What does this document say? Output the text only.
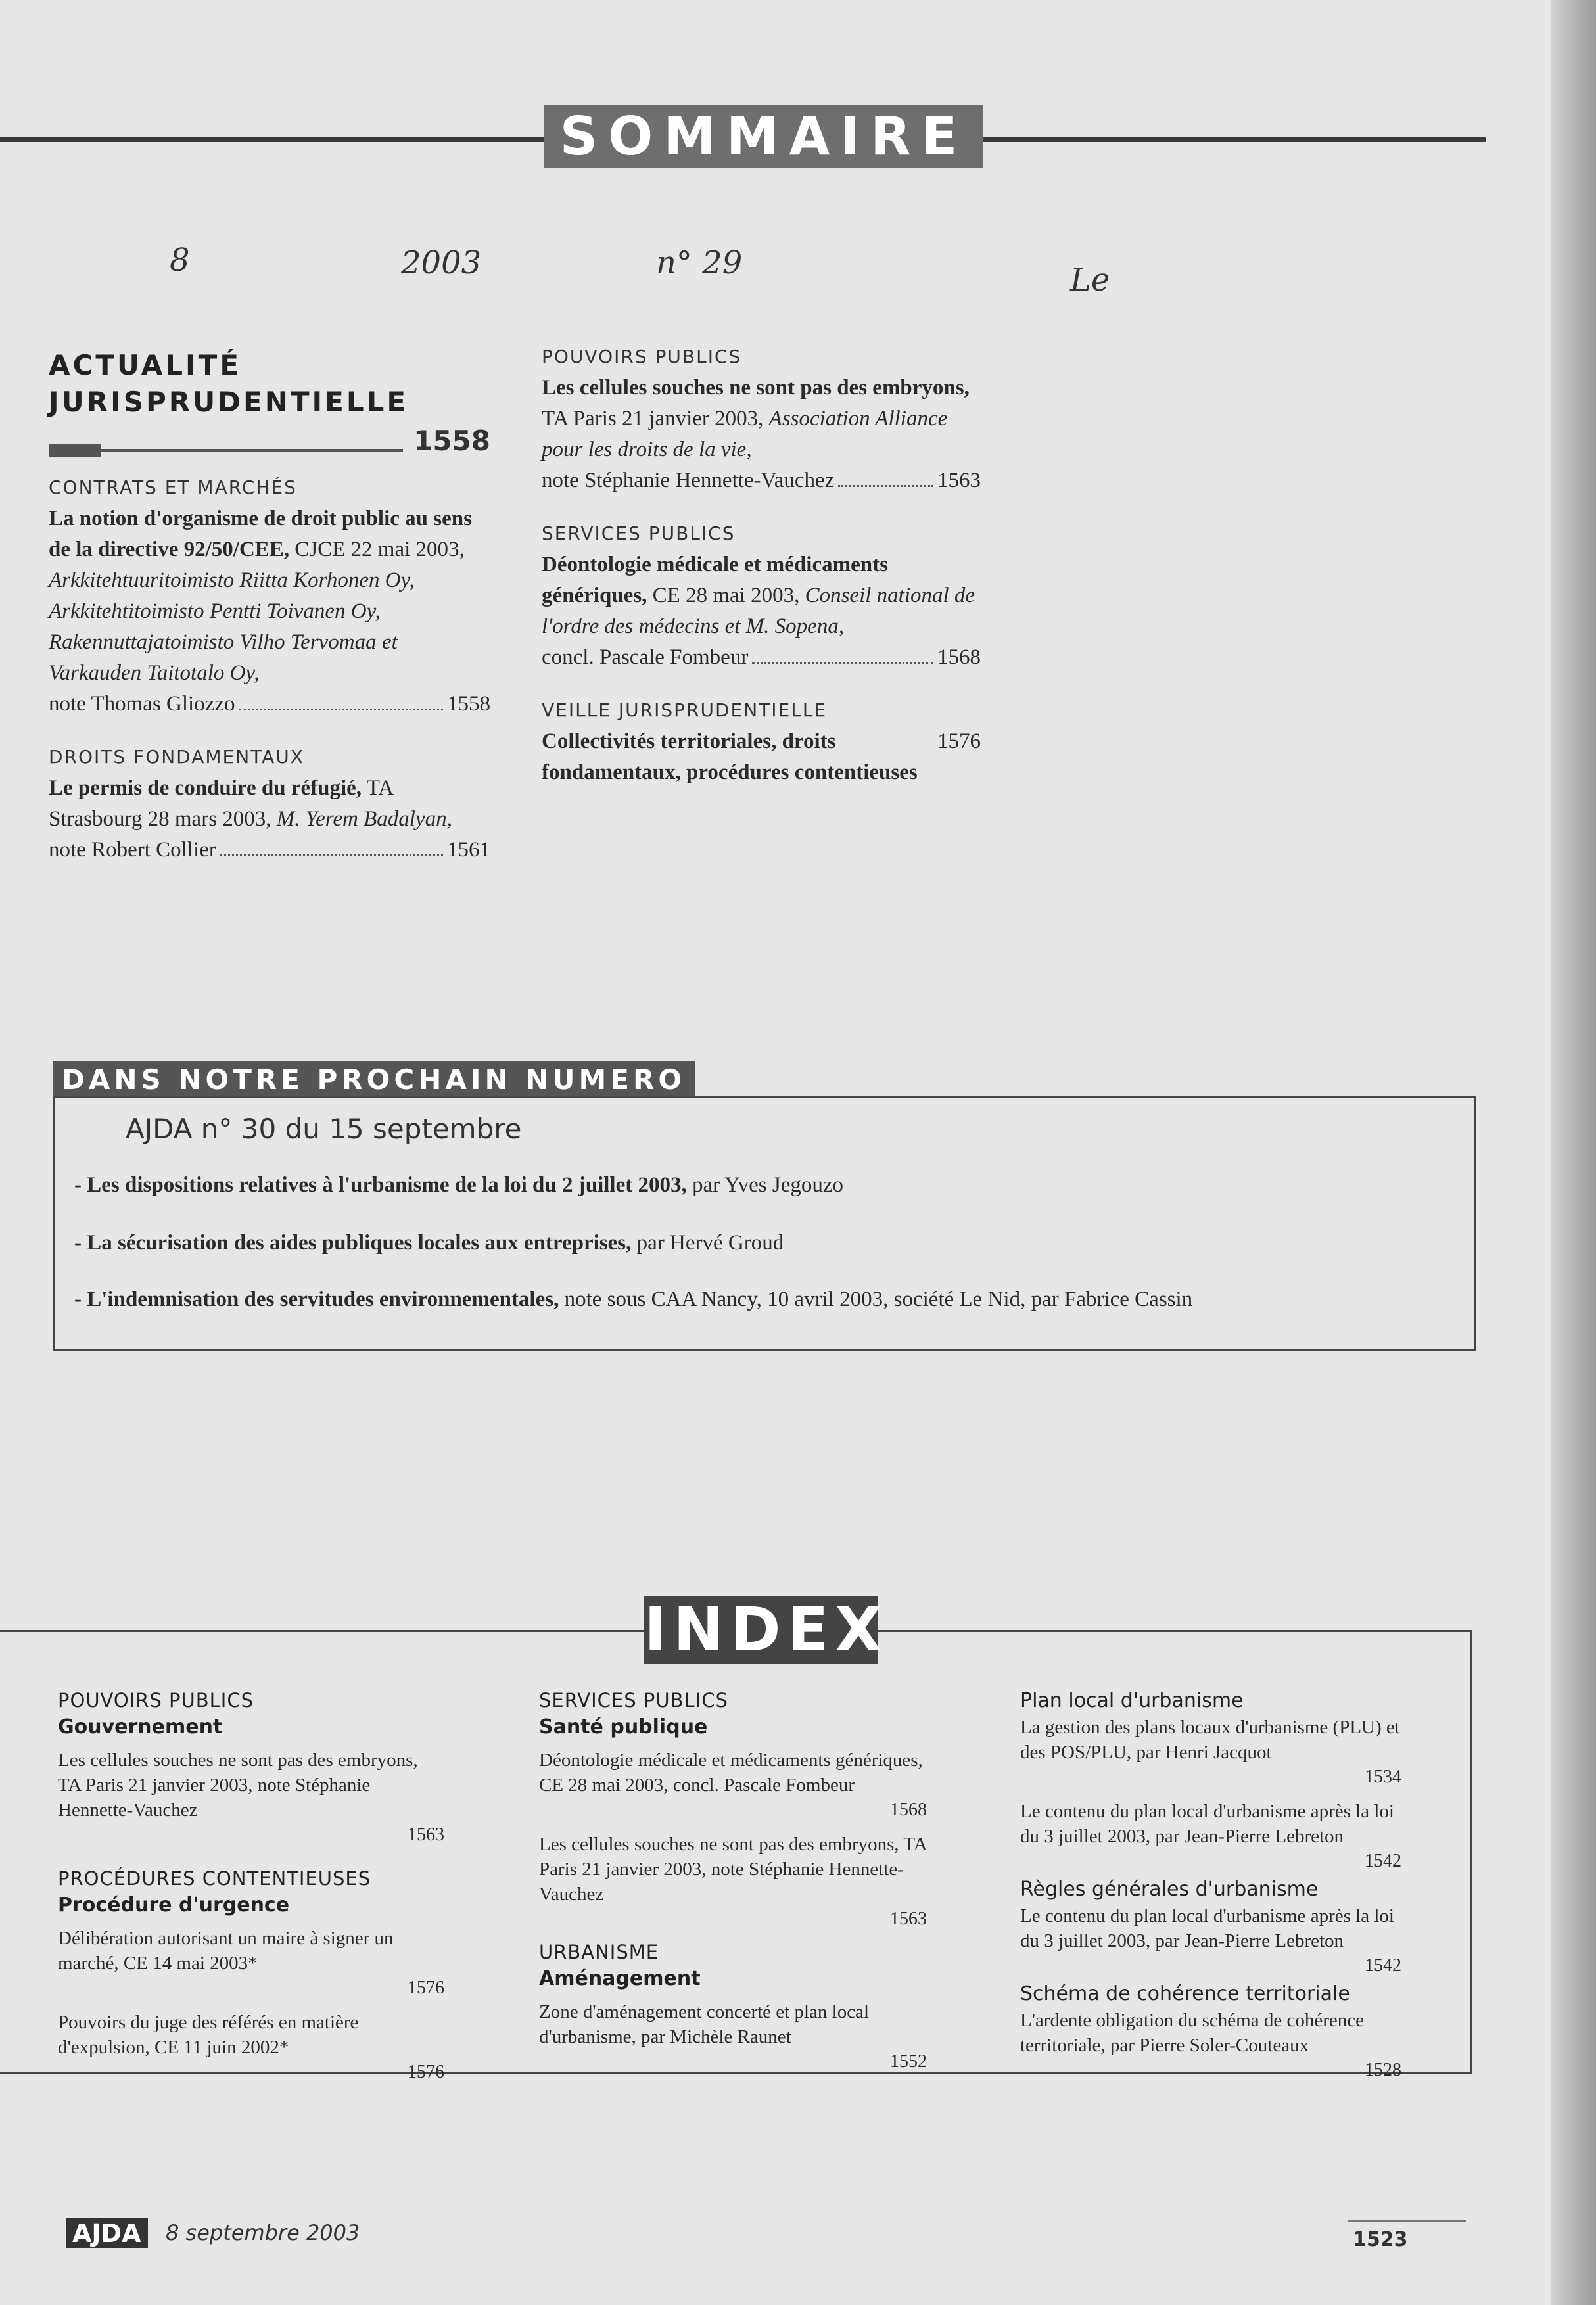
SOMMAIRE
8	2003	n° 29	Le
ACTUALITÉ
JURISPRUDENTIELLE
1558
CONTRATS ET MARCHÉS
La notion d'organisme de droit public au sens de la directive 92/50/CEE, CJCE 22 mai 2003, Arkkitehtuuritoimisto Riitta Korhonen Oy, Arkkitehtitoimisto Pentti Toivanen Oy, Rakennuttajatoimisto Vilho Tervomaa et Varkauden Taitotalo Oy,
note Thomas Gliozzo	1558
DROITS FONDAMENTAUX
Le permis de conduire du réfugié, TA Strasbourg 28 mars 2003, M. Yerem Badalyan,
note Robert Collier	1561
POUVOIRS PUBLICS
Les cellules souches ne sont pas des embryons, TA Paris 21 janvier 2003, Association Alliance pour les droits de la vie,
note Stéphanie Hennette-Vauchez	1563
SERVICES PUBLICS
Déontologie médicale et médicaments génériques, CE 28 mai 2003, Conseil national de l'ordre des médecins et M. Sopena,
concl. Pascale Fombeur	1568
VEILLE JURISPRUDENTIELLE
Collectivités territoriales, droits fondamentaux, procédures contentieuses
1576
DANS NOTRE PROCHAIN NUMERO
AJDA n° 30 du 15 septembre
- Les dispositions relatives à l'urbanisme de la loi du 2 juillet 2003, par Yves Jegouzo
- La sécurisation des aides publiques locales aux entreprises, par Hervé Groud
- L'indemnisation des servitudes environnementales, note sous CAA Nancy, 10 avril 2003, société Le Nid, par Fabrice Cassin
INDEX
POUVOIRS PUBLICS
Gouvernement
Les cellules souches ne sont pas des embryons, TA Paris 21 janvier 2003, note Stéphanie Hennette-Vauchez
1563
PROCÉDURES CONTENTIEUSES
Procédure d'urgence
Délibération autorisant un maire à signer un marché, CE 14 mai 2003*
1576
Pouvoirs du juge des référés en matière d'expulsion, CE 11 juin 2002*
1576
SERVICES PUBLICS
Santé publique
Déontologie médicale et médicaments génériques, CE 28 mai 2003, concl. Pascale Fombeur
1568
Les cellules souches ne sont pas des embryons, TA Paris 21 janvier 2003, note Stéphanie Hennette-Vauchez
1563
URBANISME
Aménagement
Zone d'aménagement concerté et plan local d'urbanisme, par Michèle Raunet
1552
Plan local d'urbanisme
La gestion des plans locaux d'urbanisme (PLU) et des POS/PLU, par Henri Jacquot
1534
Le contenu du plan local d'urbanisme après la loi du 3 juillet 2003, par Jean-Pierre Lebreton
1542
Règles générales d'urbanisme
Le contenu du plan local d'urbanisme après la loi du 3 juillet 2003, par Jean-Pierre Lebreton
1542
Schéma de cohérence territoriale
L'ardente obligation du schéma de cohérence territoriale, par Pierre Soler-Couteaux
1528
AJDA	8 septembre 2003	1523
